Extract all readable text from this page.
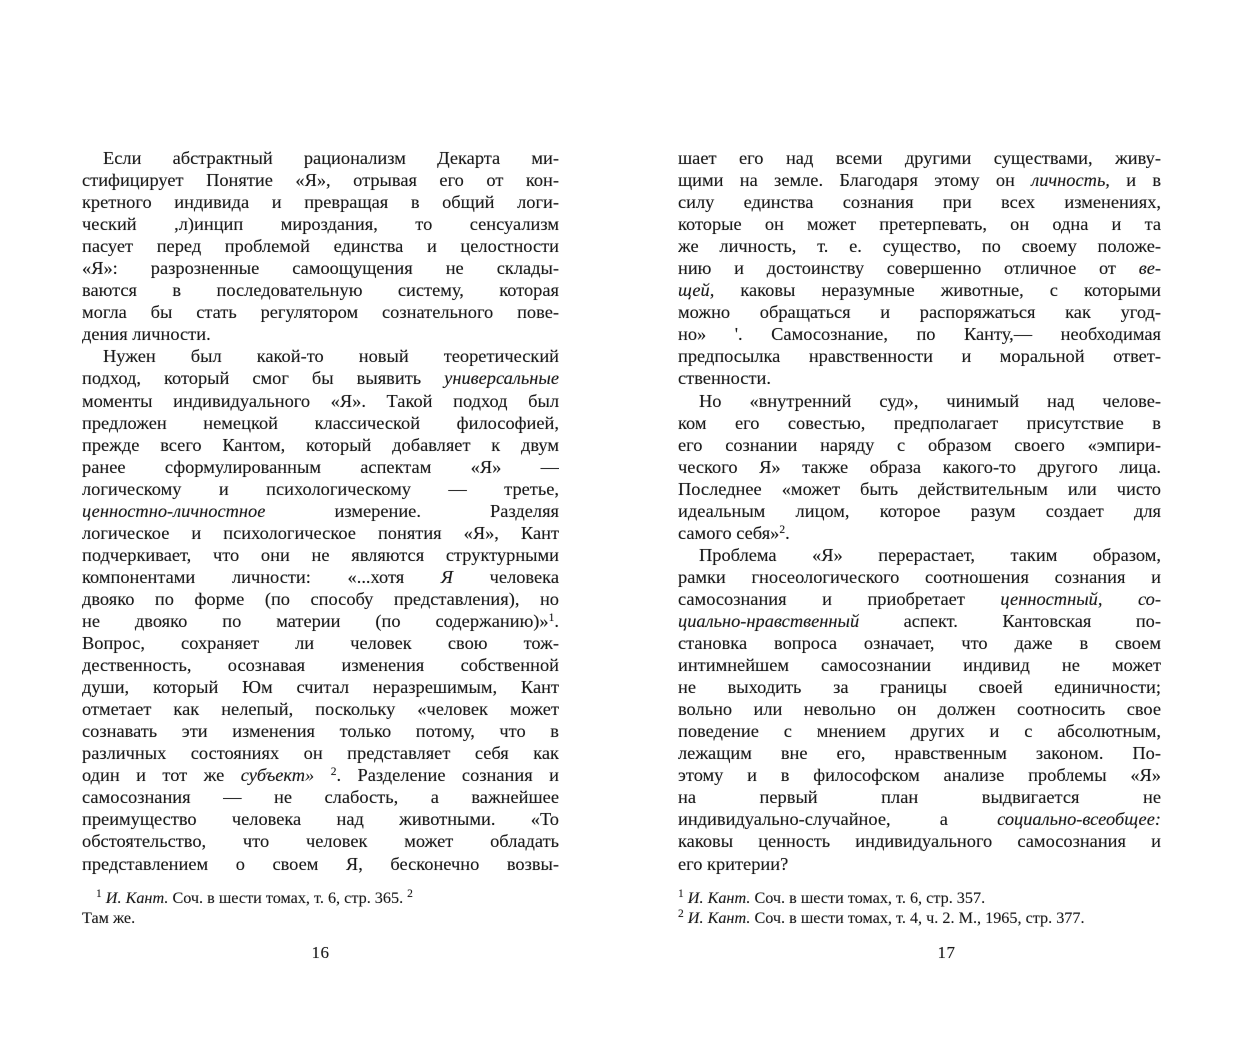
Если абстрактный рационализм Декарта ми-
стифицирует Понятие «Я», отрывая его от кон-
кретного индивида и превращая в общий логи-
ческий ,л)инцип мироздания, то сенсуализм
пасует перед проблемой единства и целостности
«Я»: разрозненные самоощущения не склады-
ваются в последовательную систему, которая
могла бы стать регулятором сознательного пове-
дения личности.
Нужен был какой-то новый теоретический
подход, который смог бы выявить универсальные
моменты индивидуального «Я». Такой подход был
предложен немецкой классической философией,
прежде всего Кантом, который добавляет к двум
ранее сформулированным аспектам «Я» —
логическому и психологическому — третье,
ценностно-личностное измерение. Разделяя
логическое и психологическое понятия «Я», Кант
подчеркивает, что они не являются структурными
компонентами личности: «...хотя Я человека
двояко по форме (по способу представления), но
не двояко по материи (по содержанию)»$^1$.
Вопрос, сохраняет ли человек свою тож-
дественность, осознавая изменения собственной
души, который Юм считал неразрешимым, Кант
отметает как нелепый, поскольку «человек может
сознавать эти изменения только потому, что в
различных состояниях он представляет себя как
один и тот же субъект» $^2$. Разделение сознания и
самосознания — не слабость, а важнейшее
преимущество человека над животными. «То
обстоятельство, что человек может обладать
представлением о своем Я, бесконечно возвы-
$^1$ И. Кант. Соч. в шести томах, т. 6, стр. 365. $^2$
Там же.
16
шает его над всеми другими существами, живу-
щими на земле. Благодаря этому он личность, и в
силу единства сознания при всех изменениях,
которые он может претерпевать, он одна и та
же личность, т. е. существо, по своему положе-
нию и достоинству совершенно отличное от ве-
щей, каковы неразумные животные, с которыми
можно обращаться и распоряжаться как угод-
но» '. Самосознание, по Канту,— необходимая
предпосылка нравственности и моральной ответ-
ственности.
Но «внутренний суд», чинимый над челове-
ком его совестью, предполагает присутствие в
его сознании наряду с образом своего «эмпири-
ческого Я» также образа какого-то другого лица.
Последнее «может быть действительным или чисто
идеальным лицом, которое разум создает для
самого себя»$^2$.
Проблема «Я» перерастает, таким образом,
рамки гносеологического соотношения сознания и
самосознания и приобретает ценностный, со-
циально-нравственный аспект. Кантовская по-
становка вопроса означает, что даже в своем
интимнейшем самосознании индивид не может
не выходить за границы своей единичности;
вольно или невольно он должен соотносить свое
поведение с мнением других и с абсолютным,
лежащим вне его, нравственным законом. По-
этому и в философском анализе проблемы «Я»
на первый план выдвигается не
индивидуально-случайное, а социально-всеобщее:
каковы ценность индивидуального самосознания и
его критерии?
$^1$ И. Кант. Соч. в шести томах, т. 6, стр. 357.
$^2$ И. Кант. Соч. в шести томах, т. 4, ч. 2. М., 1965, стр. 377.
17
